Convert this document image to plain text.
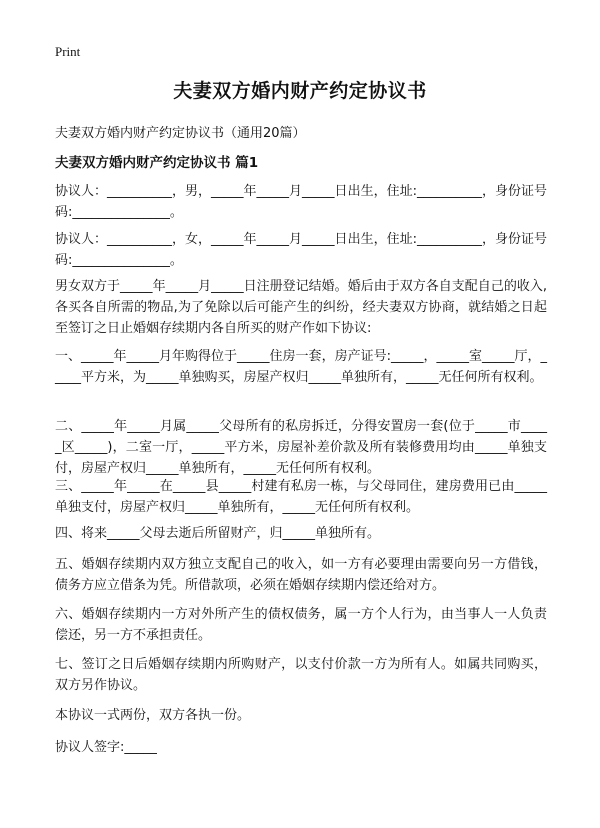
Print
夫妻双方婚内财产约定协议书
夫妻双方婚内财产约定协议书（通用20篇）
夫妻双方婚内财产约定协议书 篇1

协议人：__________，男，_____年_____月_____日出生，住址:__________，身份证号码:_______________。

协议人：__________，女，_____年_____月_____日出生，住址:__________，身份证号码:_______________。

男女双方于_____年_____月_____日注册登记结婚。婚后由于双方各自支配自己的收入,各买各自所需的物品,为了免除以后可能产生的纠纷，经夫妻双方协商，就结婚之日起至签订之日止婚姻存续期内各自所买的财产作如下协议:

一、_____年_____月年购得位于_____住房一套，房产证号:_____，_____室_____厅，_____平方米，为_____单独购买，房屋产权归_____单独所有，_____无任何所有权利。

二、_____年_____月属_____父母所有的私房拆迁，分得安置房一套(位于_____市_____区_____)，二室一厅，_____平方米，房屋补差价款及所有装修费用均由_____单独支付，房屋产权归_____单独所有，_____无任何所有权利。

三、_____年_____在_____县_____村建有私房一栋，与父母同住，建房费用已由_____单独支付，房屋产权归_____单独所有，_____无任何所有权利。

四、将来_____父母去逝后所留财产，归_____单独所有。

五、婚姻存续期内双方独立支配自己的收入，如一方有必要理由需要向另一方借钱，债务方应立借条为凭。所借款项，必须在婚姻存续期内偿还给对方。

六、婚姻存续期内一方对外所产生的债权债务，属一方个人行为，由当事人一人负责偿还，另一方不承担责任。

七、签订之日后婚姻存续期内所购财产，以支付价款一方为所有人。如属共同购买，双方另作协议。

本协议一式两份，双方各执一份。

协议人签字:_____
